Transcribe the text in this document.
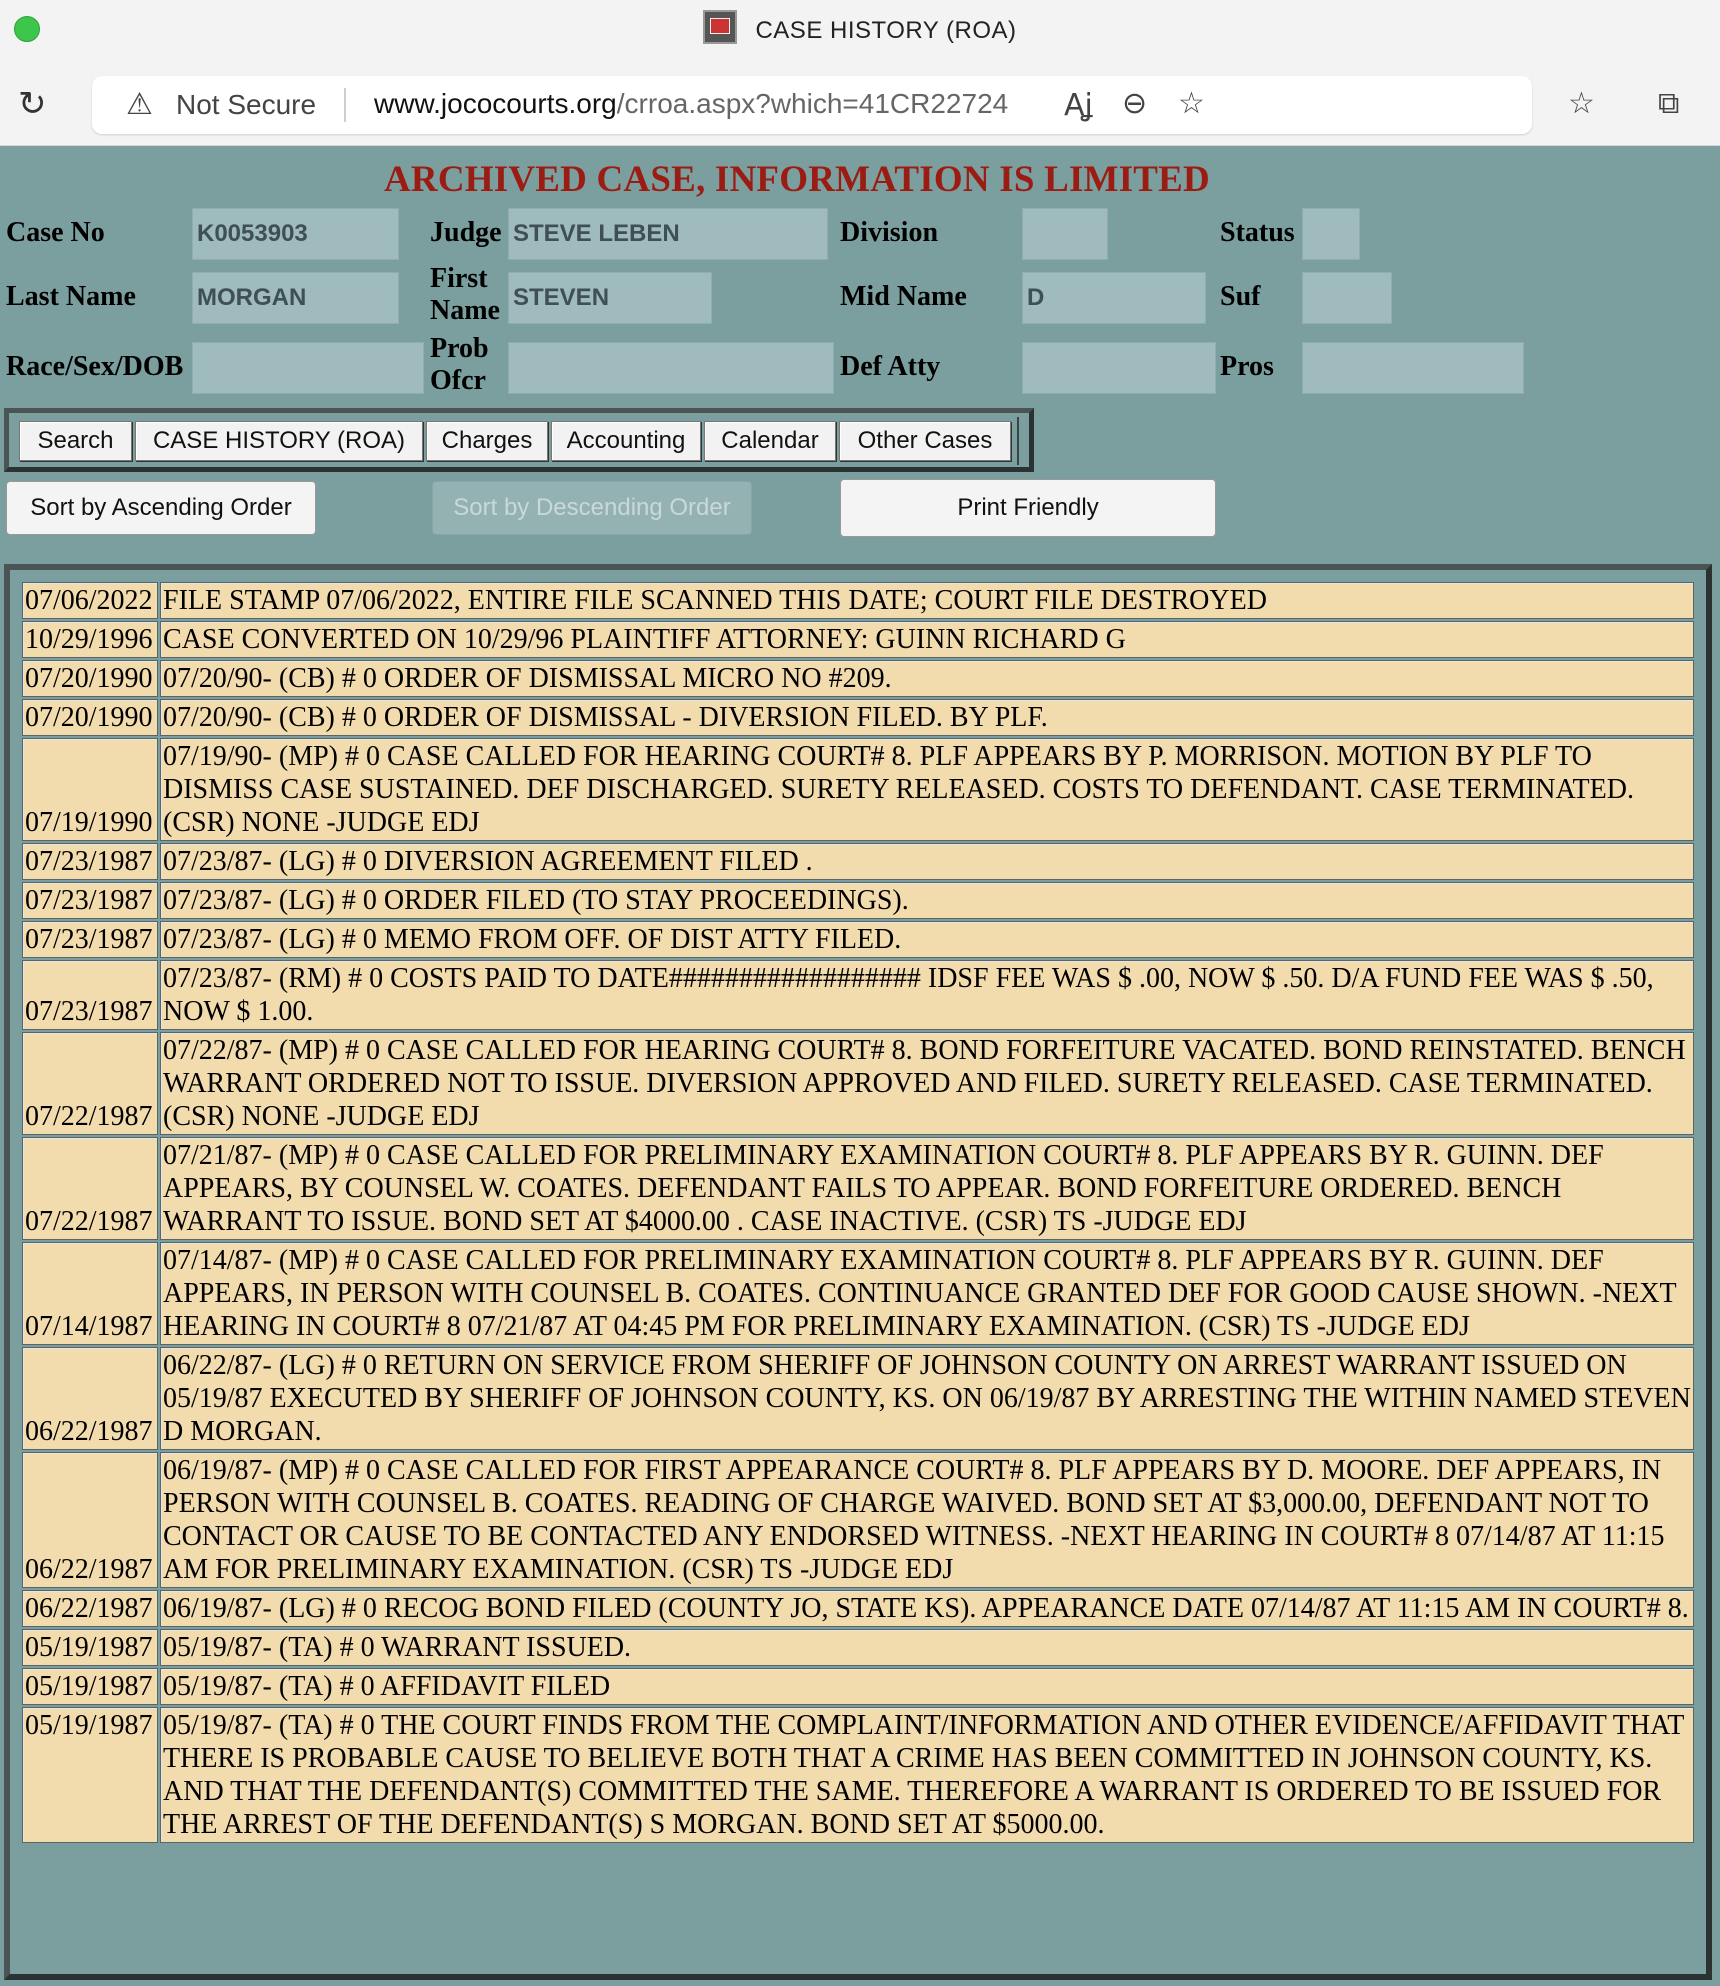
CASE HISTORY (ROA)
↻	⚠ Not Secure www.jococourts.org/crroa.aspx?which=41CR22724 Aʝ ⊖ ☆	☆ ⧉
ARCHIVED CASE, INFORMATION IS LIMITED
Case No	K0053903	Judge STEVE LEBEN	Division	Status
Last Name	MORGAN
First
Name STEVEN	Mid Name	D	Suf
Race/Sex/DOB
Prob
Ofcr	Def Atty	Pros
Search	CASE HISTORY (ROA)	Charges	Accounting	Calendar	Other Cases
Sort by Ascending Order	Sort by Descending Order	Print Friendly
07/06/2022	FILE STAMP 07/06/2022, ENTIRE FILE SCANNED THIS DATE; COURT FILE DESTROYED
10/29/1996	CASE CONVERTED ON 10/29/96 PLAINTIFF ATTORNEY: GUINN RICHARD G
07/20/1990	07/20/90- (CB) # 0 ORDER OF DISMISSAL MICRO NO #209.
07/20/1990	07/20/90- (CB) # 0 ORDER OF DISMISSAL - DIVERSION FILED. BY PLF.
07/19/1990	07/19/90- (MP) # 0 CASE CALLED FOR HEARING COURT# 8. PLF APPEARS BY P. MORRISON. MOTION BY PLF TO DISMISS CASE SUSTAINED. DEF DISCHARGED. SURETY RELEASED. COSTS TO DEFENDANT. CASE TERMINATED. (CSR) NONE -JUDGE EDJ
07/23/1987	07/23/87- (LG) # 0 DIVERSION AGREEMENT FILED .
07/23/1987	07/23/87- (LG) # 0 ORDER FILED (TO STAY PROCEEDINGS).
07/23/1987	07/23/87- (LG) # 0 MEMO FROM OFF. OF DIST ATTY FILED.
07/23/1987	07/23/87- (RM) # 0 COSTS PAID TO DATE################## IDSF FEE WAS $ .00, NOW $ .50. D/A FUND FEE WAS $ .50, NOW $ 1.00.
07/22/1987	07/22/87- (MP) # 0 CASE CALLED FOR HEARING COURT# 8. BOND FORFEITURE VACATED. BOND REINSTATED. BENCH WARRANT ORDERED NOT TO ISSUE. DIVERSION APPROVED AND FILED. SURETY RELEASED. CASE TERMINATED. (CSR) NONE -JUDGE EDJ
07/22/1987	07/21/87- (MP) # 0 CASE CALLED FOR PRELIMINARY EXAMINATION COURT# 8. PLF APPEARS BY R. GUINN. DEF APPEARS, BY COUNSEL W. COATES. DEFENDANT FAILS TO APPEAR. BOND FORFEITURE ORDERED. BENCH WARRANT TO ISSUE. BOND SET AT $4000.00 . CASE INACTIVE. (CSR) TS -JUDGE EDJ
07/14/1987	07/14/87- (MP) # 0 CASE CALLED FOR PRELIMINARY EXAMINATION COURT# 8. PLF APPEARS BY R. GUINN. DEF APPEARS, IN PERSON WITH COUNSEL B. COATES. CONTINUANCE GRANTED DEF FOR GOOD CAUSE SHOWN. -NEXT HEARING IN COURT# 8 07/21/87 AT 04:45 PM FOR PRELIMINARY EXAMINATION. (CSR) TS -JUDGE EDJ
06/22/1987	06/22/87- (LG) # 0 RETURN ON SERVICE FROM SHERIFF OF JOHNSON COUNTY ON ARREST WARRANT ISSUED ON 05/19/87 EXECUTED BY SHERIFF OF JOHNSON COUNTY, KS. ON 06/19/87 BY ARRESTING THE WITHIN NAMED STEVEN D MORGAN.
06/22/1987	06/19/87- (MP) # 0 CASE CALLED FOR FIRST APPEARANCE COURT# 8. PLF APPEARS BY D. MOORE. DEF APPEARS, IN PERSON WITH COUNSEL B. COATES. READING OF CHARGE WAIVED. BOND SET AT $3,000.00, DEFENDANT NOT TO CONTACT OR CAUSE TO BE CONTACTED ANY ENDORSED WITNESS. -NEXT HEARING IN COURT# 8 07/14/87 AT 11:15 AM FOR PRELIMINARY EXAMINATION. (CSR) TS -JUDGE EDJ
06/22/1987	06/19/87- (LG) # 0 RECOG BOND FILED (COUNTY JO, STATE KS). APPEARANCE DATE 07/14/87 AT 11:15 AM IN COURT# 8.
05/19/1987	05/19/87- (TA) # 0 WARRANT ISSUED.
05/19/1987	05/19/87- (TA) # 0 AFFIDAVIT FILED
05/19/1987	05/19/87- (TA) # 0 THE COURT FINDS FROM THE COMPLAINT/INFORMATION AND OTHER EVIDENCE/AFFIDAVIT THAT THERE IS PROBABLE CAUSE TO BELIEVE BOTH THAT A CRIME HAS BEEN COMMITTED IN JOHNSON COUNTY, KS. AND THAT THE DEFENDANT(S) COMMITTED THE SAME. THEREFORE A WARRANT IS ORDERED TO BE ISSUED FOR THE ARREST OF THE DEFENDANT(S) S MORGAN. BOND SET AT $5000.00.
